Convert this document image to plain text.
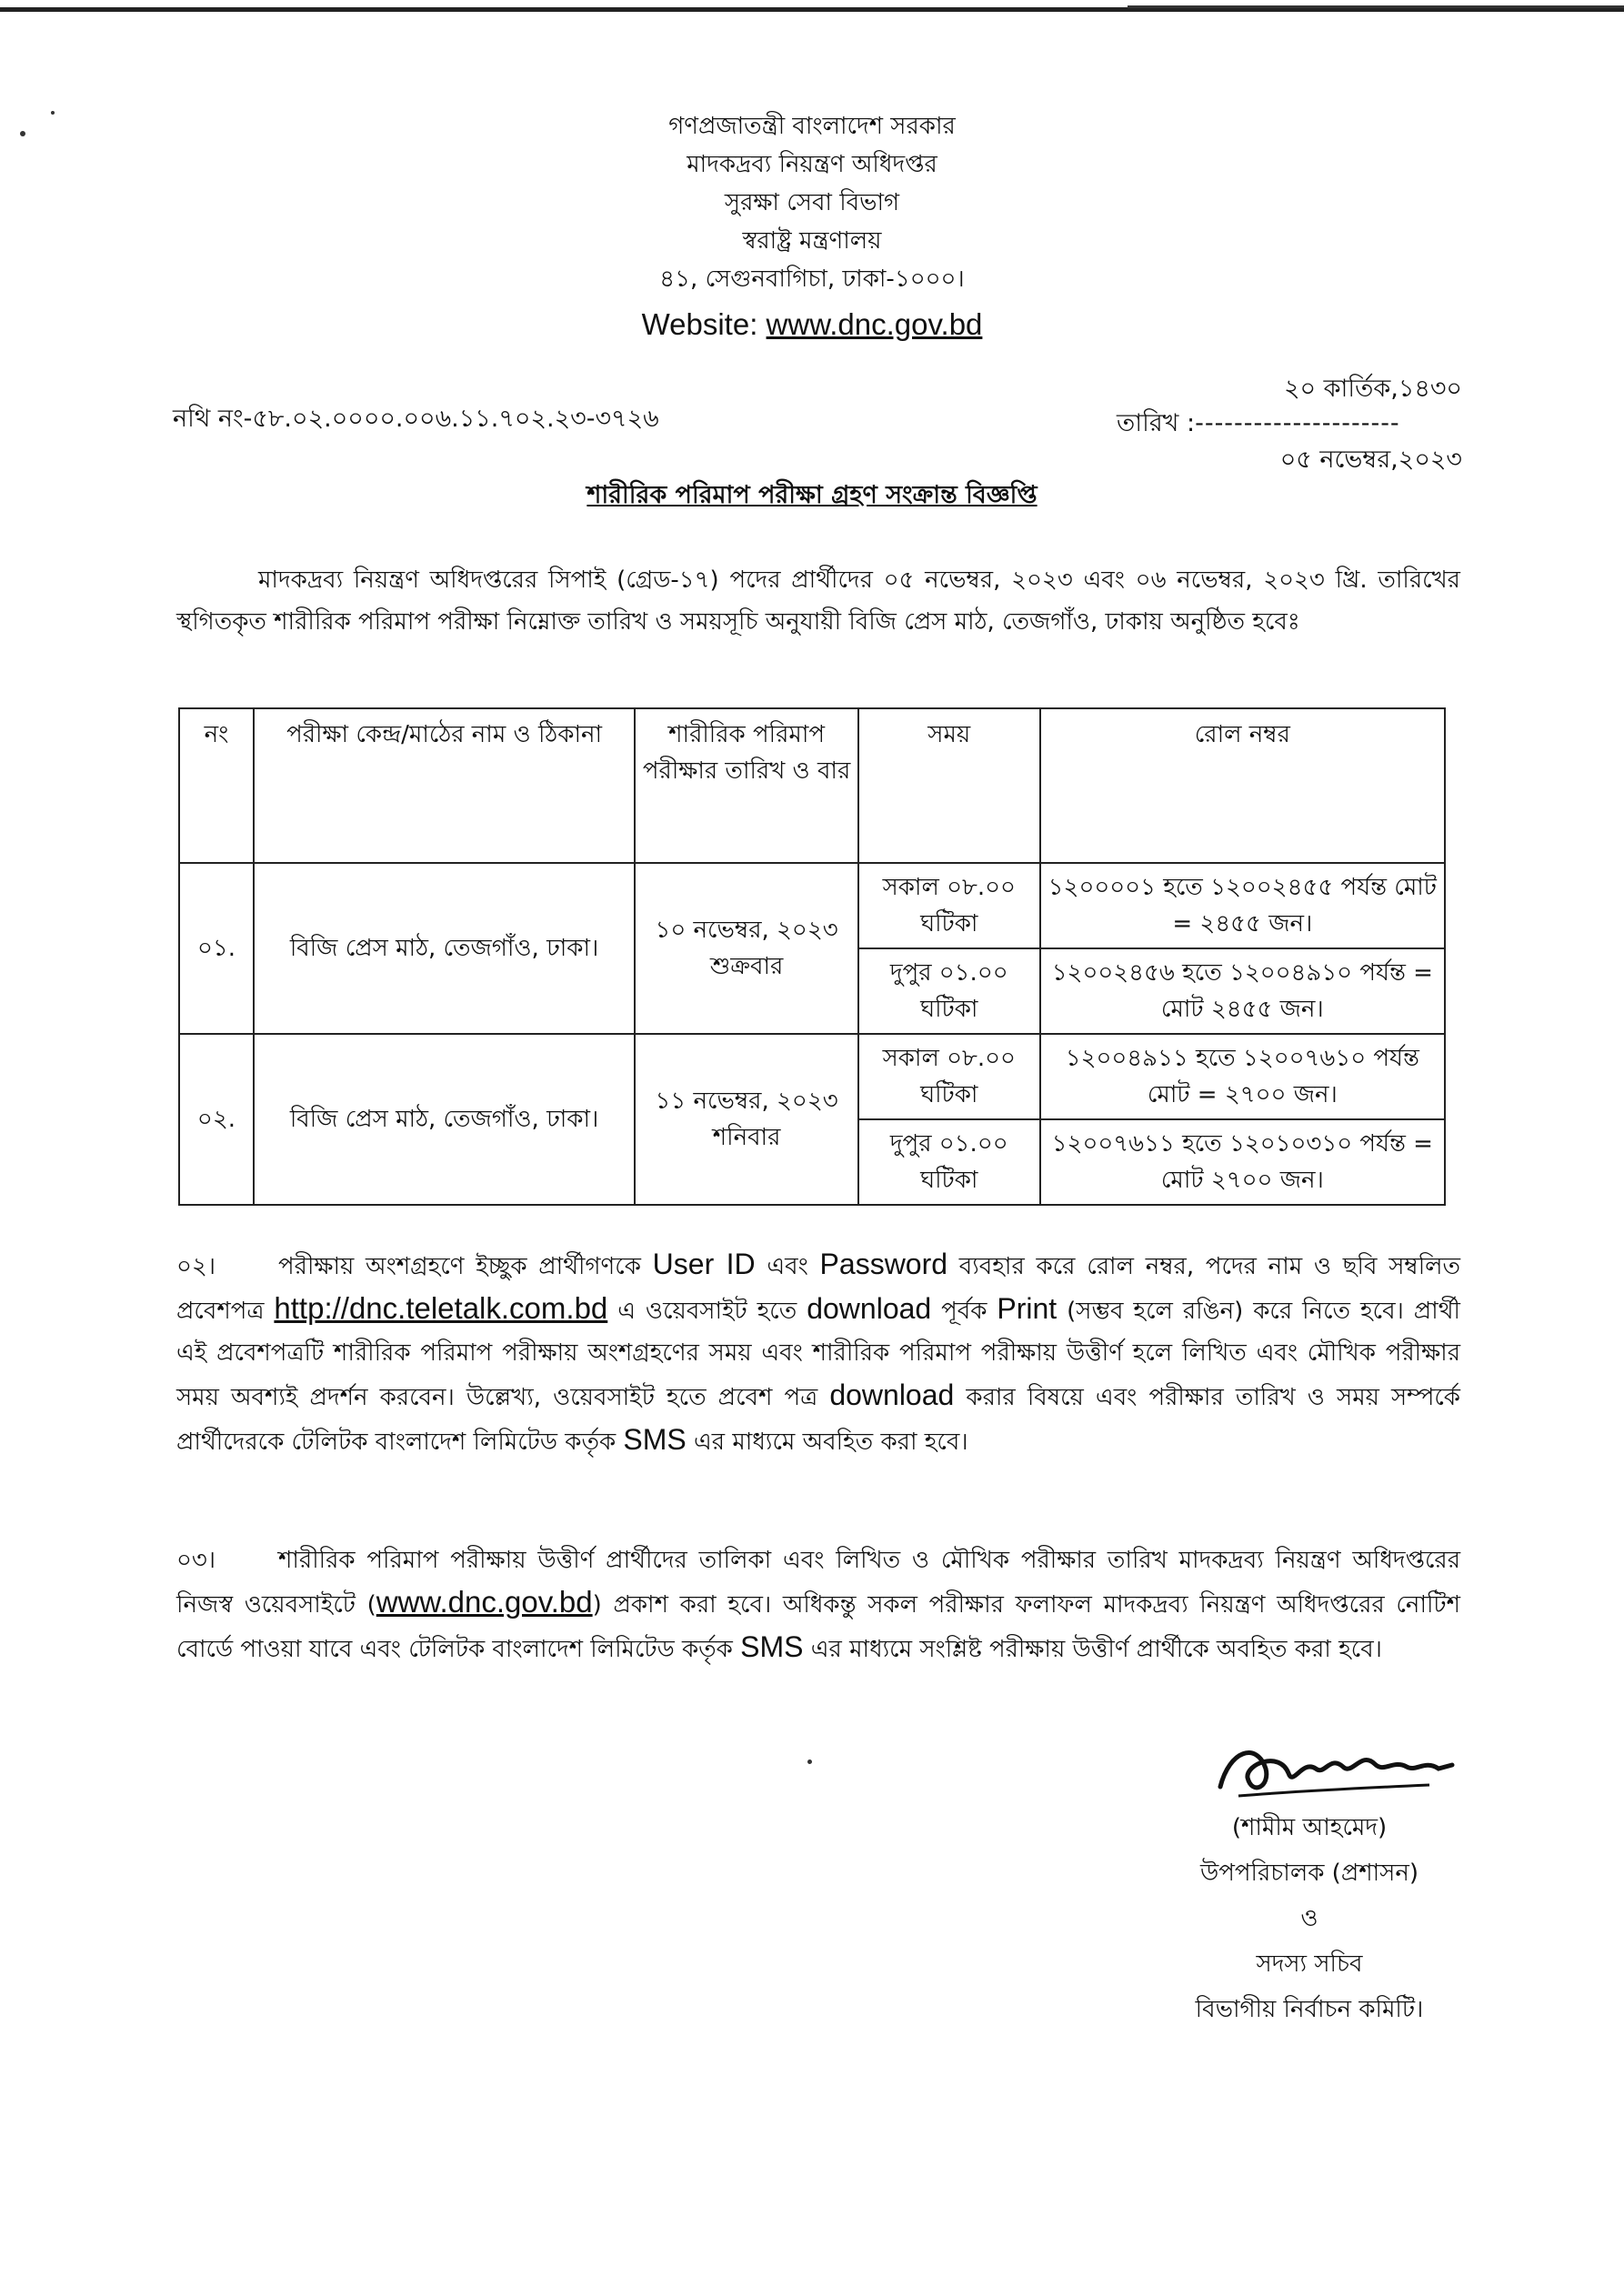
গণপ্রজাতন্ত্রী বাংলাদেশ সরকার
মাদকদ্রব্য নিয়ন্ত্রণ অধিদপ্তর
সুরক্ষা সেবা বিভাগ
স্বরাষ্ট্র মন্ত্রণালয়
৪১, সেগুনবাগিচা, ঢাকা-১০০০।
Website: www.dnc.gov.bd
নথি নং-৫৮.০২.০০০০.০০৬.১১.৭০২.২৩-৩৭২৬
২০ কার্তিক,১৪৩০
তারিখ :---------------------
০৫ নভেম্বর,২০২৩
শারীরিক পরিমাপ পরীক্ষা গ্রহণ সংক্রান্ত বিজ্ঞপ্তি
মাদকদ্রব্য নিয়ন্ত্রণ অধিদপ্তরের সিপাই (গ্রেড-১৭) পদের প্রার্থীদের ০৫ নভেম্বর, ২০২৩ এবং ০৬ নভেম্বর, ২০২৩ খ্রি. তারিখের স্থগিতকৃত শারীরিক পরিমাপ পরীক্ষা নিম্নোক্ত তারিখ ও সময়সূচি অনুযায়ী বিজি প্রেস মাঠ, তেজগাঁও, ঢাকায় অনুষ্ঠিত হবেঃ
নং	পরীক্ষা কেন্দ্র/মাঠের নাম ও ঠিকানা	শারীরিক পরিমাপ পরীক্ষার তারিখ ও বার	সময়	রোল নম্বর
০১.	বিজি প্রেস মাঠ, তেজগাঁও, ঢাকা।	১০ নভেম্বর, ২০২৩ শুক্রবার	সকাল ০৮.০০ ঘটিকা	১২০০০০১ হতে ১২০০২৪৫৫ পর্যন্ত মোট = ২৪৫৫ জন।
			দুপুর ০১.০০ ঘটিকা	১২০০২৪৫৬ হতে ১২০০৪৯১০ পর্যন্ত = মোট ২৪৫৫ জন।
০২.	বিজি প্রেস মাঠ, তেজগাঁও, ঢাকা।	১১ নভেম্বর, ২০২৩ শনিবার	সকাল ০৮.০০ ঘটিকা	১২০০৪৯১১ হতে ১২০০৭৬১০ পর্যন্ত মোট = ২৭০০ জন।
			দুপুর ০১.০০ ঘটিকা	১২০০৭৬১১ হতে ১২০১০৩১০ পর্যন্ত = মোট ২৭০০ জন।
০২।	পরীক্ষায় অংশগ্রহণে ইচ্ছুক প্রার্থীগণকে User ID এবং Password ব্যবহার করে রোল নম্বর, পদের নাম ও ছবি সম্বলিত প্রবেশপত্র http://dnc.teletalk.com.bd এ ওয়েবসাইট হতে download পূর্বক Print (সম্ভব হলে রঙিন) করে নিতে হবে। প্রার্থী এই প্রবেশপত্রটি শারীরিক পরিমাপ পরীক্ষায় অংশগ্রহণের সময় এবং শারীরিক পরিমাপ পরীক্ষায় উত্তীর্ণ হলে লিখিত এবং মৌখিক পরীক্ষার সময় অবশ্যই প্রদর্শন করবেন। উল্লেখ্য, ওয়েবসাইট হতে প্রবেশ পত্র download করার বিষয়ে এবং পরীক্ষার তারিখ ও সময় সম্পর্কে প্রার্থীদেরকে টেলিটক বাংলাদেশ লিমিটেড কর্তৃক SMS এর মাধ্যমে অবহিত করা হবে।
০৩।	শারীরিক পরিমাপ পরীক্ষায় উত্তীর্ণ প্রার্থীদের তালিকা এবং লিখিত ও মৌখিক পরীক্ষার তারিখ মাদকদ্রব্য নিয়ন্ত্রণ অধিদপ্তরের নিজস্ব ওয়েবসাইটে (www.dnc.gov.bd) প্রকাশ করা হবে। অধিকন্তু সকল পরীক্ষার ফলাফল মাদকদ্রব্য নিয়ন্ত্রণ অধিদপ্তরের নোটিশ বোর্ডে পাওয়া যাবে এবং টেলিটক বাংলাদেশ লিমিটেড কর্তৃক SMS এর মাধ্যমে সংশ্লিষ্ট পরীক্ষায় উত্তীর্ণ প্রার্থীকে অবহিত করা হবে।
(শামীম আহমেদ)
উপপরিচালক (প্রশাসন)
ও
সদস্য সচিব
বিভাগীয় নির্বাচন কমিটি।
